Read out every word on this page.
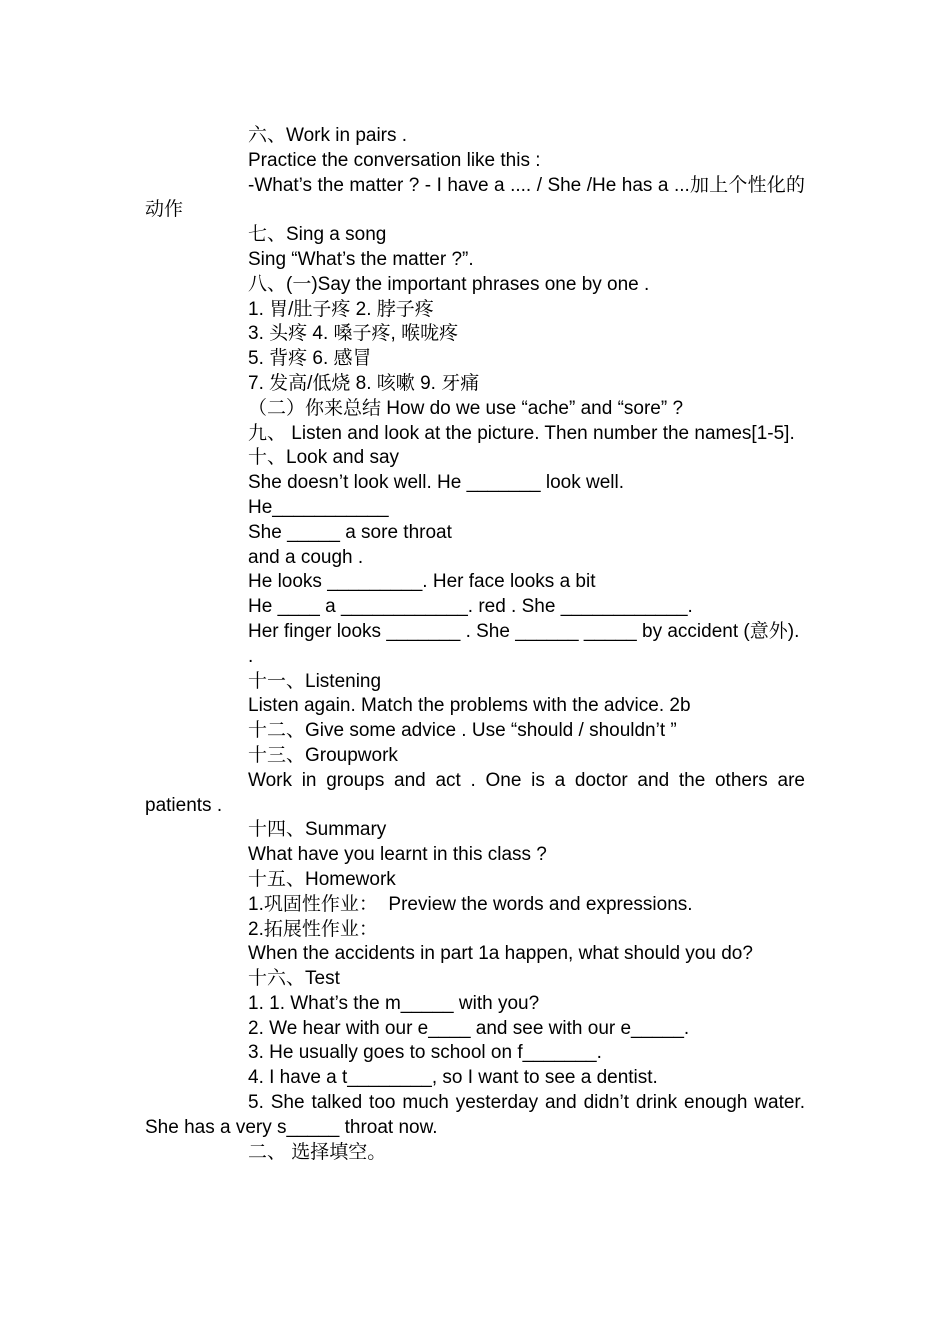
六、Work in pairs .
Practice the conversation like this :
-What’s the matter ? - I have a .... / She /He has a ...加上个性化的动作
七、Sing a song
Sing “What’s the matter ?”.
八、(一)Say the important phrases one by one .
1. 胃/肚子疼 2. 脖子疼
3. 头疼 4. 嗓子疼, 喉咙疼
5. 背疼 6. 感冒
7. 发高/低烧 8. 咳嗽 9. 牙痛
（二）你来总结 How do we use “ache” and “sore” ?
九、 Listen and look at the picture. Then number the names[1-5].
十、Look and say
She doesn’t look well. He _______ look well.
He___________
She _____ a sore throat
and a cough .
He looks _________. Her face looks a bit
He ____ a ____________. red . She ____________.
Her finger looks _______ . She ______ _____ by accident (意外).
.
十一、Listening
Listen again. Match the problems with the advice. 2b
十二、Give some advice . Use “should / shouldn’t ”
十三、Groupwork
Work in groups and act . One is a doctor and the others are patients .
十四、Summary
What have you learnt in this class ?
十五、Homework
1.巩固性作业：  Preview the words and expressions.
2.拓展性作业：
When the accidents in part 1a happen, what should you do?
十六、Test
1. 1. What’s the m_____ with you?
2. We hear with our e____ and see with our e_____.
3. He usually goes to school on f_______.
4. I have a t________, so I want to see a dentist.
5. She talked too much yesterday and didn’t drink enough water. She has a very s_____ throat now.
二、 选择填空。
